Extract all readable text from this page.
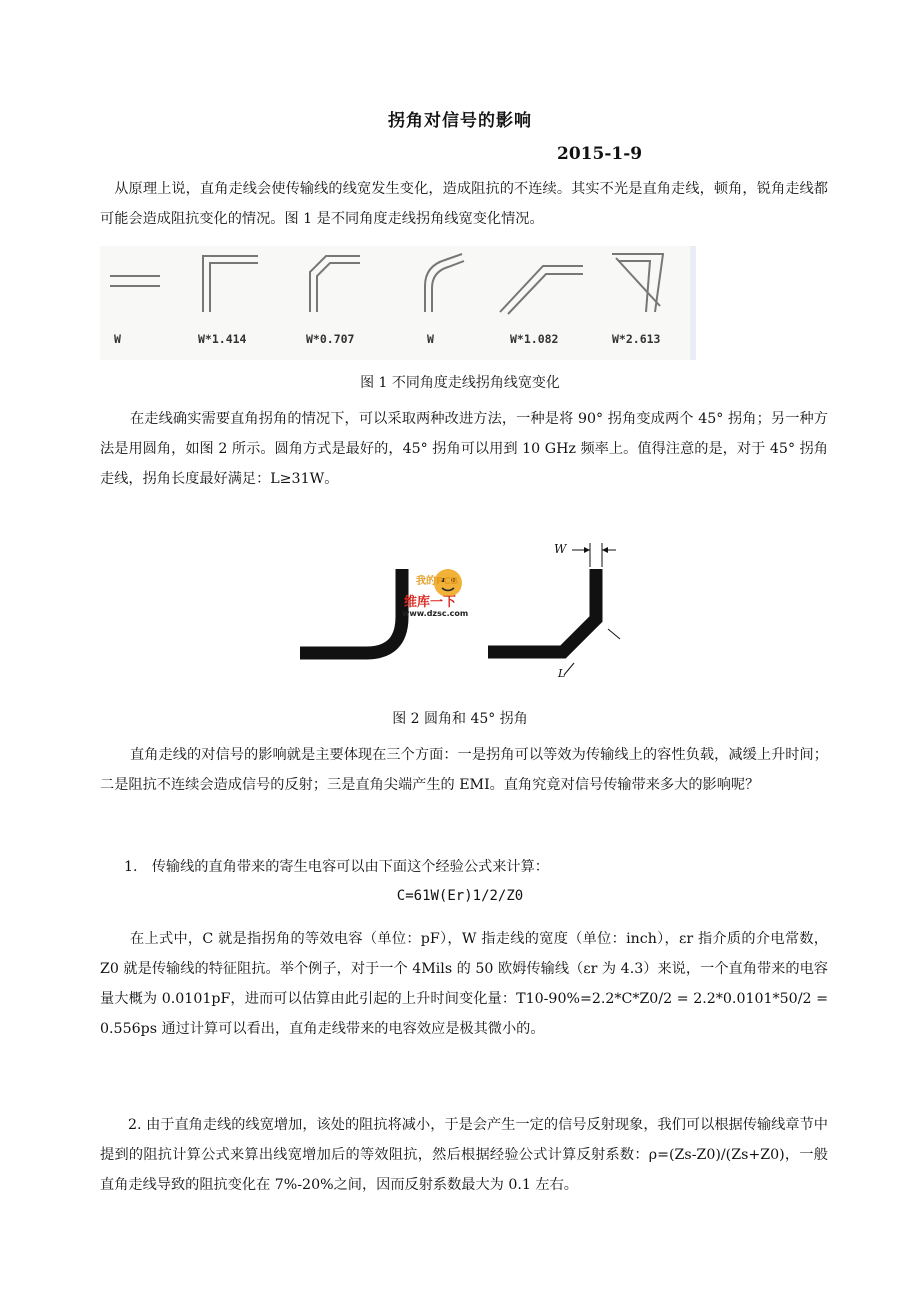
拐角对信号的影响
2015-1-9
　从原理上说，直角走线会使传输线的线宽发生变化，造成阻抗的不连续。其实不光是直角走线，顿角，锐角走线都可能会造成阻抗变化的情况。图 1 是不同角度走线拐角线宽变化情况。
W	W*1.414	W*0.707	W	W*1.082	W*2.613
图 1 不同角度走线拐角线宽变化
在走线确实需要直角拐角的情况下，可以采取两种改进方法，一种是将 90° 拐角变成两个 45° 拐角；另一种方法是用圆角，如图 2 所示。圆角方式是最好的，45° 拐角可以用到 10 GHz 频率上。值得注意的是，对于 45° 拐角走线，拐角长度最好满足：L≥31W。
我的PCB
维库一下
www.dzsc.com
W
L
图 2 圆角和 45° 拐角
直角走线的对信号的影响就是主要体现在三个方面：一是拐角可以等效为传输线上的容性负载，减缓上升时间；二是阻抗不连续会造成信号的反射；三是直角尖端产生的 EMI。直角究竟对信号传输带来多大的影响呢？
1.　传输线的直角带来的寄生电容可以由下面这个经验公式来计算：
C=61W(Er)1/2/Z0
在上式中，C 就是指拐角的等效电容（单位：pF），W 指走线的宽度（单位：inch），εr 指介质的介电常数，Z0 就是传输线的特征阻抗。举个例子，对于一个 4Mils 的 50 欧姆传输线（εr 为 4.3）来说，一个直角带来的电容量大概为 0.0101pF，进而可以估算由此引起的上升时间变化量：T10-90%=2.2*C*Z0/2 = 2.2*0.0101*50/2 = 0.556ps 通过计算可以看出，直角走线带来的电容效应是极其微小的。
2. 由于直角走线的线宽增加，该处的阻抗将减小，于是会产生一定的信号反射现象，我们可以根据传输线章节中提到的阻抗计算公式来算出线宽增加后的等效阻抗，然后根据经验公式计算反射系数：ρ=(Zs-Z0)/(Zs+Z0)，一般直角走线导致的阻抗变化在 7%-20%之间，因而反射系数最大为 0.1 左右。
